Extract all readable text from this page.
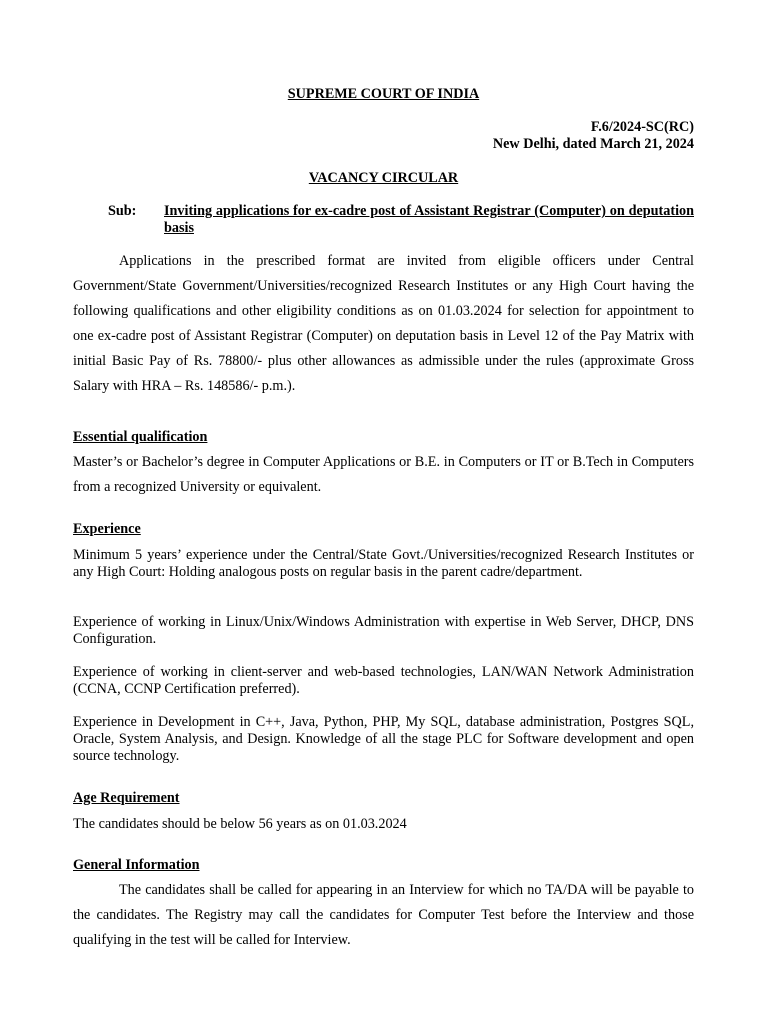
SUPREME COURT OF INDIA
F.6/2024-SC(RC)
New Delhi, dated March 21, 2024
VACANCY CIRCULAR
Sub: Inviting applications for ex-cadre post of Assistant Registrar (Computer) on deputation basis
Applications in the prescribed format are invited from eligible officers under Central Government/State Government/Universities/recognized Research Institutes or any High Court having the following qualifications and other eligibility conditions as on 01.03.2024 for selection for appointment to one ex-cadre post of Assistant Registrar (Computer) on deputation basis in Level 12 of the Pay Matrix with initial Basic Pay of Rs. 78800/- plus other allowances as admissible under the rules (approximate Gross Salary with HRA – Rs. 148586/- p.m.).
Essential qualification
Master’s or Bachelor’s degree in Computer Applications or B.E. in Computers or IT or B.Tech in Computers from a recognized University or equivalent.
Experience
Minimum 5 years’ experience under the Central/State Govt./Universities/recognized Research Institutes or any High Court: Holding analogous posts on regular basis in the parent cadre/department.
Experience of working in Linux/Unix/Windows Administration with expertise in Web Server, DHCP, DNS Configuration.
Experience of working in client-server and web-based technologies, LAN/WAN Network Administration (CCNA, CCNP Certification preferred).
Experience in Development in C++, Java, Python, PHP, My SQL, database administration, Postgres SQL, Oracle, System Analysis, and Design. Knowledge of all the stage PLC for Software development and open source technology.
Age Requirement
The candidates should be below 56 years as on 01.03.2024
General Information
The candidates shall be called for appearing in an Interview for which no TA/DA will be payable to the candidates. The Registry may call the candidates for Computer Test before the Interview and those qualifying in the test will be called for Interview.
